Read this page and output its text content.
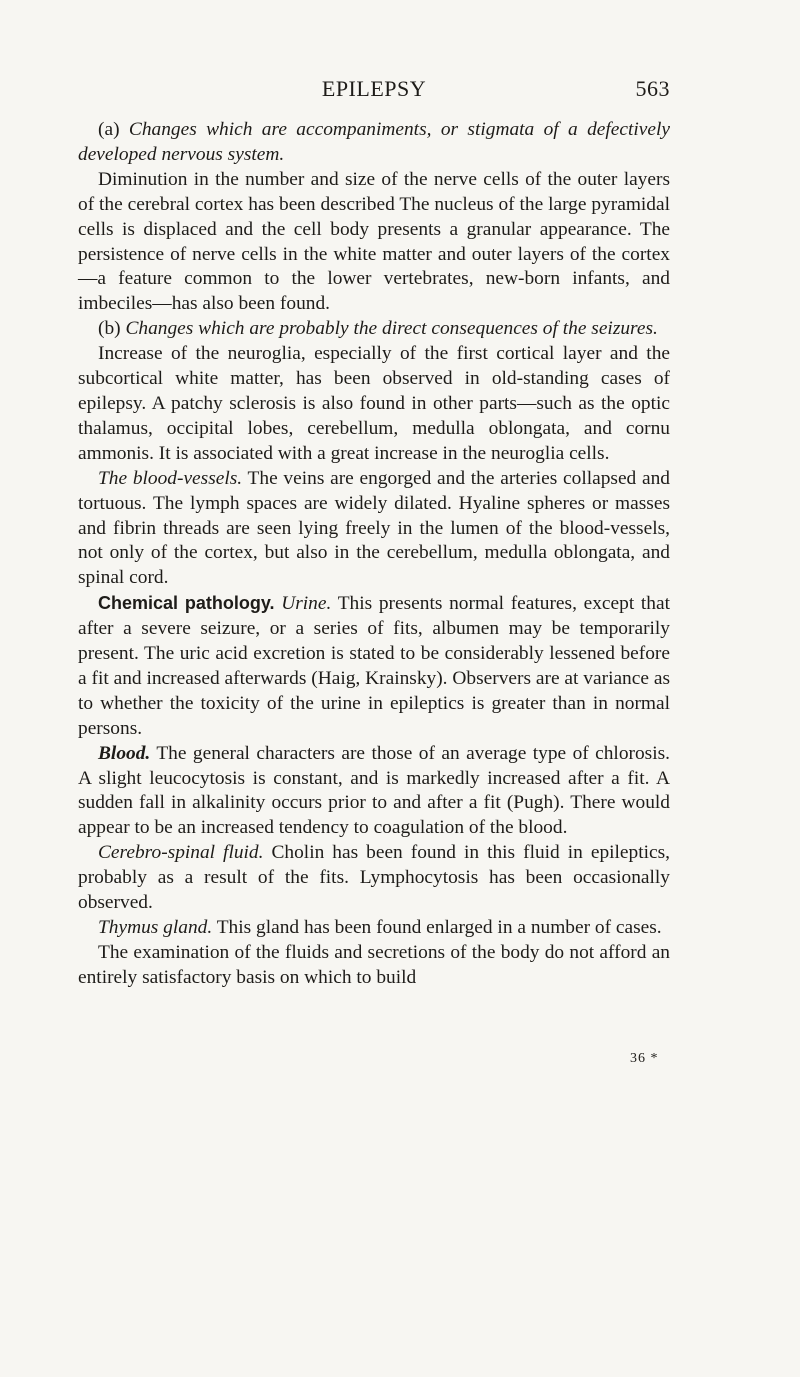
EPILEPSY	563

(a) Changes which are accompaniments, or stigmata of a defectively developed nervous system.

Diminution in the number and size of the nerve cells of the outer layers of the cerebral cortex has been described The nucleus of the large pyramidal cells is displaced and the cell body presents a granular appearance. The persistence of nerve cells in the white matter and outer layers of the cortex —a feature common to the lower vertebrates, new-born infants, and imbeciles—has also been found.

(b) Changes which are probably the direct consequences of the seizures.

Increase of the neuroglia, especially of the first cortical layer and the subcortical white matter, has been observed in old-standing cases of epilepsy. A patchy sclerosis is also found in other parts—such as the optic thalamus, occipital lobes, cerebellum, medulla oblongata, and cornu ammonis. It is associated with a great increase in the neuroglia cells.

The blood-vessels. The veins are engorged and the arteries collapsed and tortuous. The lymph spaces are widely dilated. Hyaline spheres or masses and fibrin threads are seen lying freely in the lumen of the blood-vessels, not only of the cortex, but also in the cerebellum, medulla oblongata, and spinal cord.

Chemical pathology. Urine. This presents normal features, except that after a severe seizure, or a series of fits, albumen may be temporarily present. The uric acid excretion is stated to be considerably lessened before a fit and increased afterwards (Haig, Krainsky). Observers are at variance as to whether the toxicity of the urine in epileptics is greater than in normal persons.

Blood. The general characters are those of an average type of chlorosis. A slight leucocytosis is constant, and is markedly increased after a fit. A sudden fall in alkalinity occurs prior to and after a fit (Pugh). There would appear to be an increased tendency to coagulation of the blood.

Cerebro-spinal fluid. Cholin has been found in this fluid in epileptics, probably as a result of the fits. Lymphocytosis has been occasionally observed.

Thymus gland. This gland has been found enlarged in a number of cases.

The examination of the fluids and secretions of the body do not afford an entirely satisfactory basis on which to build

36 *
